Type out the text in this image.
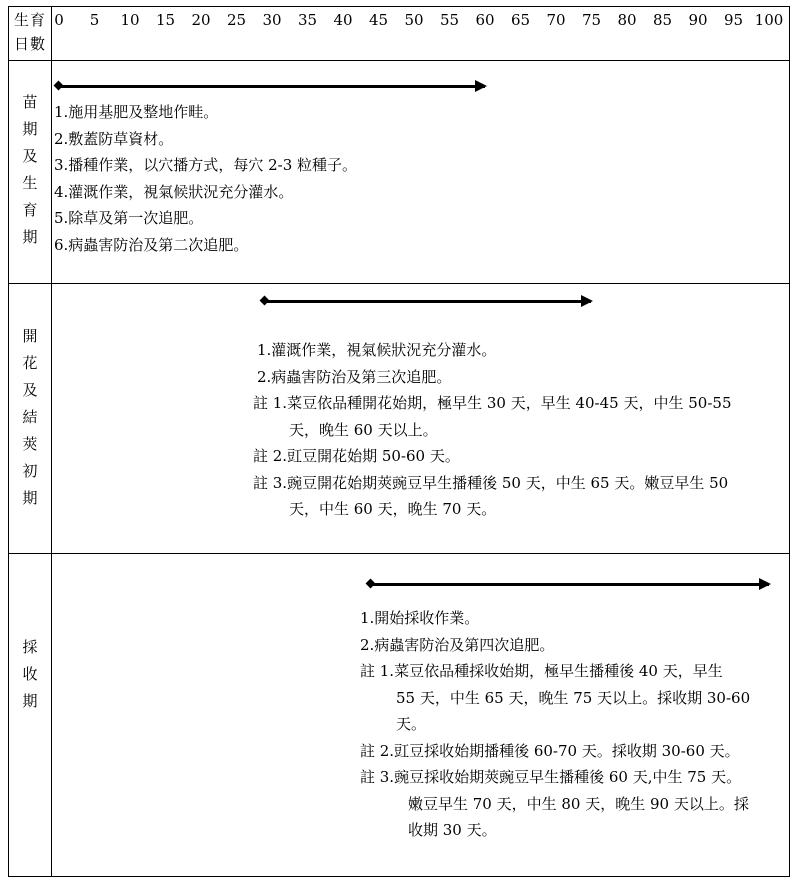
生育
日數
0 5 10 15 20 25 30 35 40 45 50 55 60 65 70 75 80 85 90 95 100
苗
期
及
生
育
期
1.施用基肥及整地作畦。
2.敷蓋防草資材。
3.播種作業，以穴播方式，每穴 2-3 粒種子。
4.灌溉作業，視氣候狀況充分灌水。
5.除草及第一次追肥。
6.病蟲害防治及第二次追肥。
開
花
及
結
莢
初
期
1.灌溉作業，視氣候狀況充分灌水。
2.病蟲害防治及第三次追肥。
註 1.菜豆依品種開花始期，極早生 30 天，早生 40-45 天，中生 50-55
天，晚生 60 天以上。
註 2.豇豆開花始期 50-60 天。
註 3.豌豆開花始期莢豌豆早生播種後 50 天，中生 65 天。嫩豆早生 50
天，中生 60 天，晚生 70 天。
採
收
期
1.開始採收作業。
2.病蟲害防治及第四次追肥。
註 1.菜豆依品種採收始期，極早生播種後 40 天，早生
55 天，中生 65 天，晚生 75 天以上。採收期 30-60
天。
註 2.豇豆採收始期播種後 60-70 天。採收期 30-60 天。
註 3.豌豆採收始期莢豌豆早生播種後 60 天,中生 75 天。
嫩豆早生 70 天，中生 80 天，晚生 90 天以上。採
收期 30 天。
